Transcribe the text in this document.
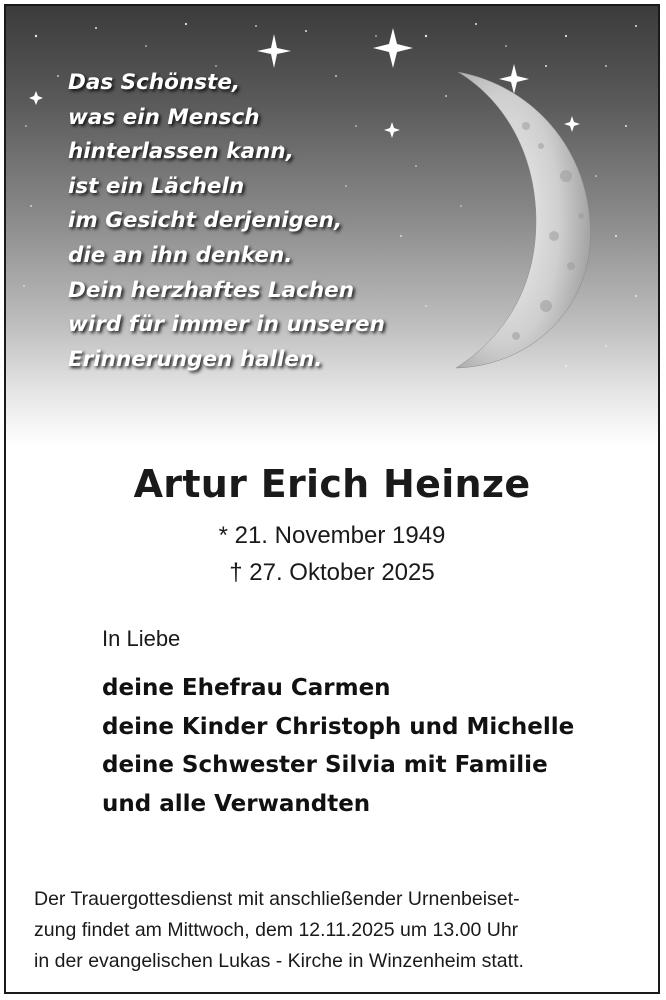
Das Schönste,
was ein Mensch
hinterlassen kann,
ist ein Lächeln
im Gesicht derjenigen,
die an ihn denken.
Dein herzhaftes Lachen
wird für immer in unseren
Erinnerungen hallen.
Artur Erich Heinze
* 21. November 1949
† 27. Oktober 2025
In Liebe
deine Ehefrau Carmen
deine Kinder Christoph und Michelle
deine Schwester Silvia mit Familie
und alle Verwandten
Der Trauergottesdienst mit anschließender Urnenbeiset-
zung findet am Mittwoch, dem 12.11.2025 um 13.00 Uhr
in der evangelischen Lukas - Kirche in Winzenheim statt.
